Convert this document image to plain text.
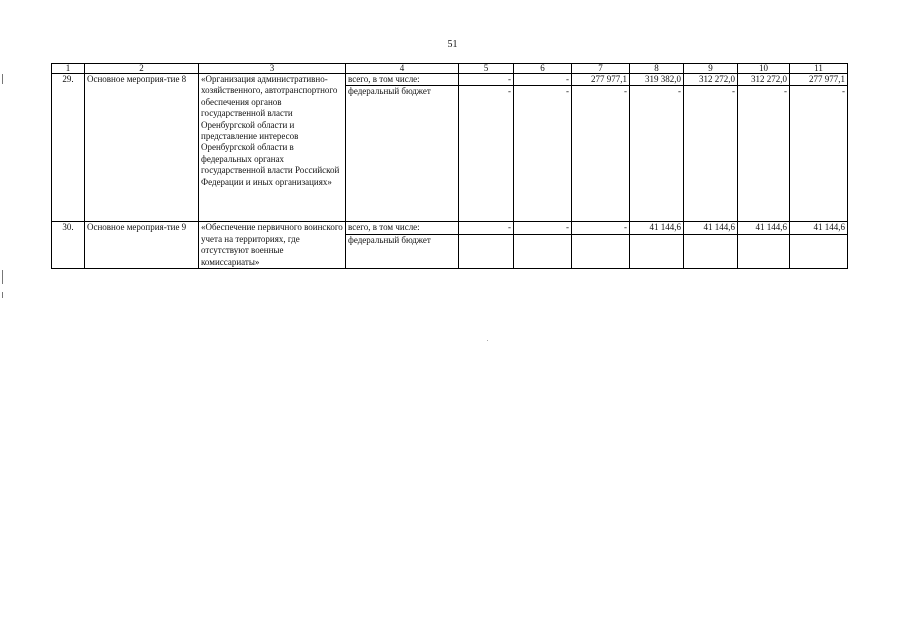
51
1	2	3	4	5	6	7	8	9	10	11
29.	Основное мероприя-тие 8	«Организация административно-хозяйственного, автотранспортного обеспечения органов государственной власти Оренбургской области и представление интересов Оренбургской области в федеральных органах государственной власти Российской Федерации и иных организациях»	всего, в том числе:	-	-	277 977,1	319 382,0	312 272,0	312 272,0	277 977,1
			федеральный бюджет	-	-	-	-	-	-	-
30.	Основное мероприя-тие 9	«Обеспечение первичного воинского учета на территориях, где отсутствуют военные комиссариаты»	всего, в том числе:	-	-	-	41 144,6	41 144,6	41 144,6	41 144,6
			федеральный бюджет							
